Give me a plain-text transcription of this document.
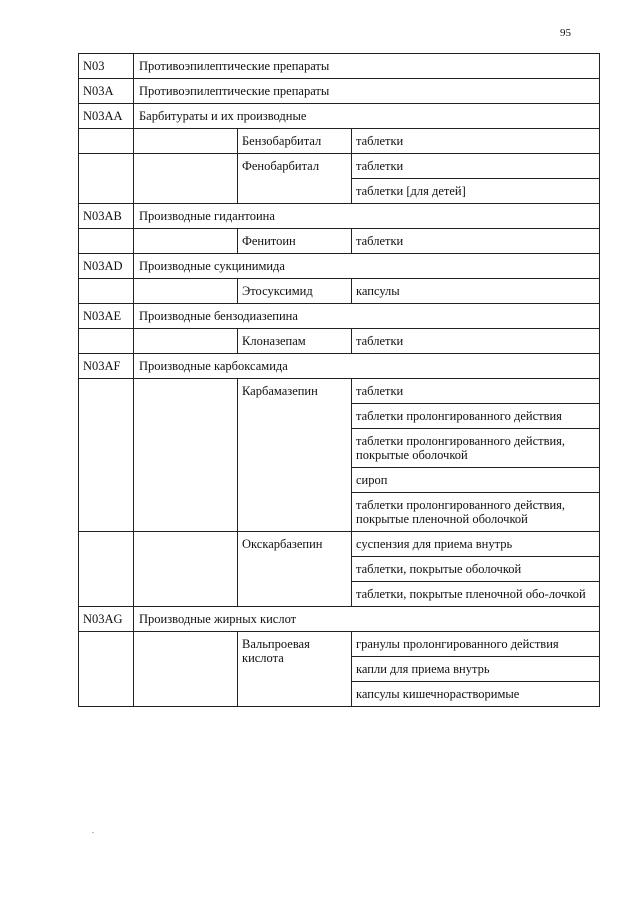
95
N03	Противоэпилептические препараты		
N03A	Противоэпилептические препараты		
N03AA	Барбитураты и их производные		
		Бензобарбитал	таблетки
		Фенобарбитал	таблетки
			таблетки [для детей]
N03AB	Производные гидантоина		
		Фенитоин	таблетки
N03AD	Производные сукцинимида		
		Этосуксимид	капсулы
N03AE	Производные бензодиазепина		
		Клоназепам	таблетки
N03AF	Производные карбоксамида		
		Карбамазепин	таблетки
			таблетки пролонгированного действия
			таблетки пролонгированного действия, покрытые оболочкой
			сироп
			таблетки пролонгированного действия, покрытые пленочной оболочкой
		Окскарбазепин	суспензия для приема внутрь
			таблетки, покрытые оболочкой
			таблетки, покрытые пленочной обо-лочкой
N03AG	Производные жирных кислот		
		Вальпроевая кислота	гранулы пролонгированного действия
			капли для приема внутрь
			капсулы кишечнорастворимые
